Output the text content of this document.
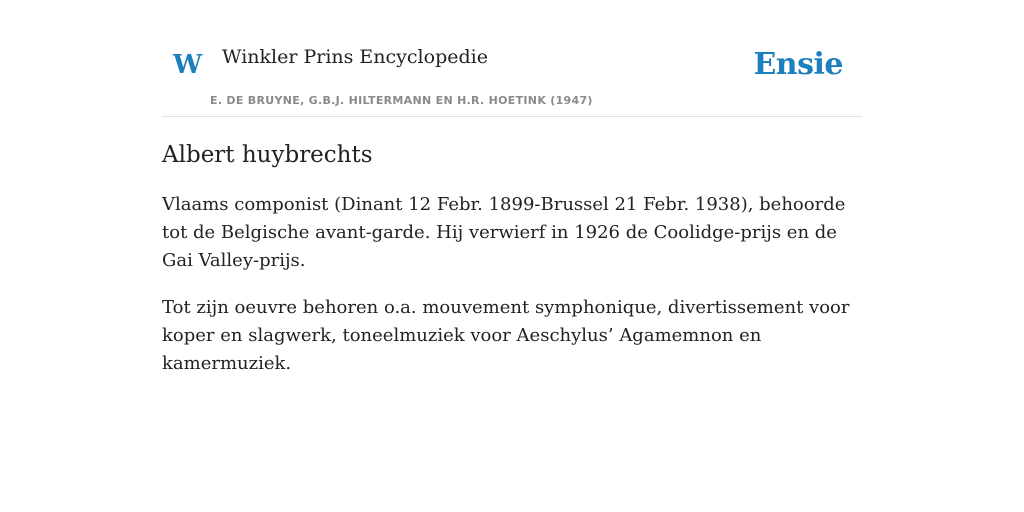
W Winkler Prins Encyclopedie
E. DE BRUYNE, G.B.J. HILTERMANN EN H.R. HOETINK (1947)
Ensie
Albert huybrechts

Vlaams componist (Dinant 12 Febr. 1899-Brussel 21 Febr. 1938), behoorde tot de Belgische avant-garde. Hij verwierf in 1926 de Coolidge-prijs en de Gai Valley-prijs.

Tot zijn oeuvre behoren o.a. mouvement symphonique, divertissement voor koper en slagwerk, toneelmuziek voor Aeschylus’ Agamemnon en kamermuziek.
